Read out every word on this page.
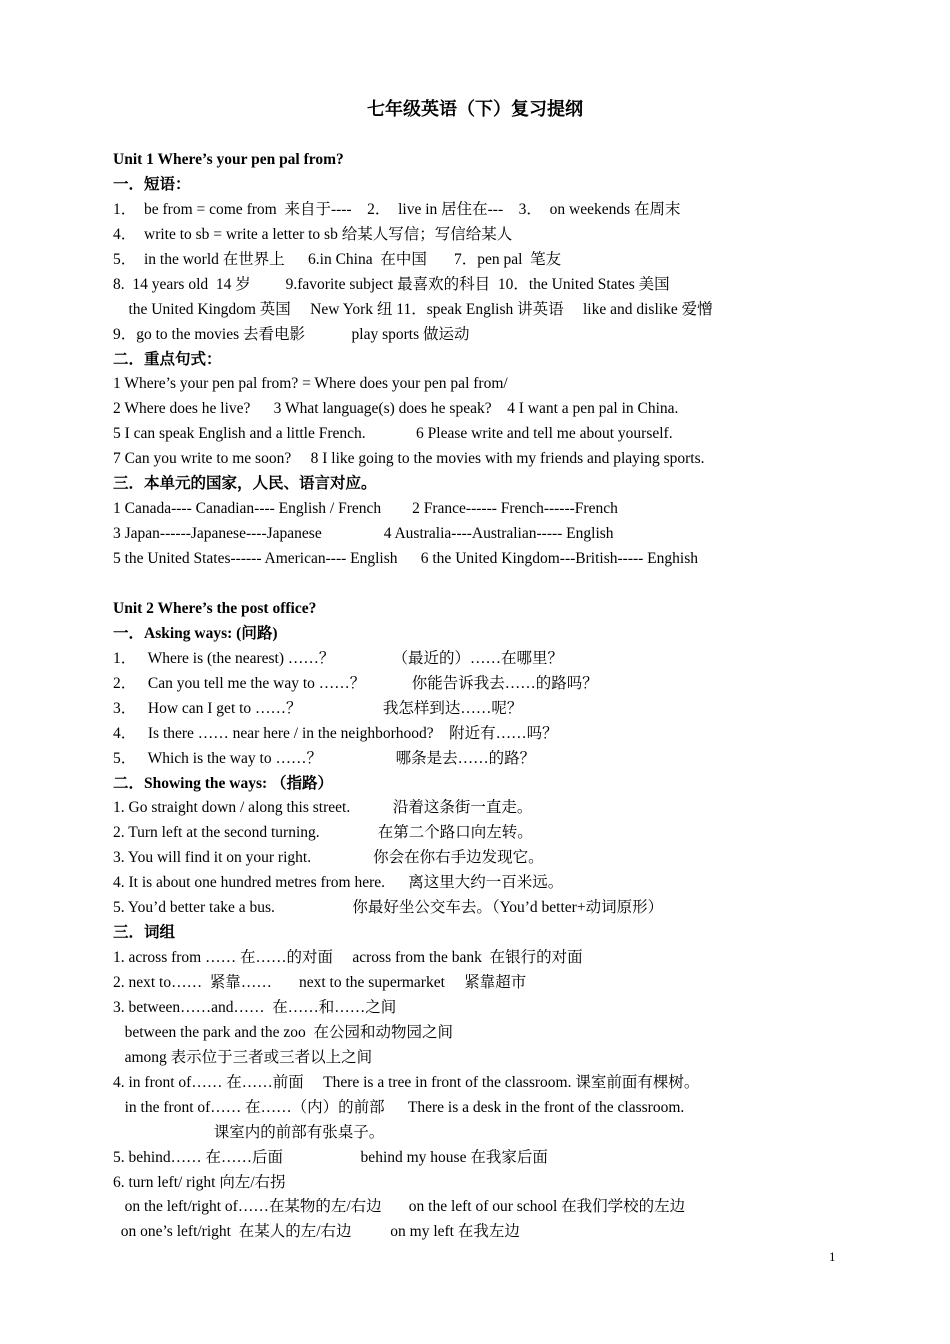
七年级英语（下）复习提纲
Unit 1 Where’s your pen pal from?
一．短语：
1．  be from = come from  来自于----    2．  live in 居住在---    3．  on weekends 在周末
4．  write to sb = write a letter to sb 给某人写信；写信给某人
5．  in the world 在世界上      6.in China  在中国       7．pen pal  笔友
8.  14 years old  14 岁         9.favorite subject 最喜欢的科目  10．the United States 美国
the United Kingdom 英国     New York 纽 11．speak English 讲英语     like and dislike 爱憎
9．go to the movies 去看电影            play sports 做运动
二．重点句式：
1 Where’s your pen pal from? = Where does your pen pal from/
2 Where does he live?      3 What language(s) does he speak?    4 I want a pen pal in China.
5 I can speak English and a little French.             6 Please write and tell me about yourself.
7 Can you write to me soon?     8 I like going to the movies with my friends and playing sports.
三．本单元的国家，人民、语言对应。
1 Canada---- Canadian---- English / French        2 France------ French------French
3 Japan------Japanese----Japanese                4 Australia----Australian----- English
5 the United States------ American---- English      6 the United Kingdom---British----- Enghish
Unit 2 Where’s the post office?
一．Asking ways: (问路)
1．   Where is (the nearest) ……？               （最近的）……在哪里？
2．   Can you tell me the way to ……？            你能告诉我去……的路吗？
3．   How can I get to ……？                     我怎样到达……呢？
4．   Is there …… near here / in the neighborhood?    附近有……吗？
5．   Which is the way to ……？                   哪条是去……的路？
二．Showing the ways: （指路）
1. Go straight down / along this street.           沿着这条街一直走。
2. Turn left at the second turning.               在第二个路口向左转。
3. You will find it on your right.                你会在你右手边发现它。
4. It is about one hundred metres from here.      离这里大约一百米远。
5. You’d better take a bus.                    你最好坐公交车去。（You’d better+动词原形）
三．词组
1. across from …… 在……的对面     across from the bank  在银行的对面
2. next to……  紧靠……       next to the supermarket     紧靠超市
3. between……and……  在……和……之间
between the park and the zoo  在公园和动物园之间
among 表示位于三者或三者以上之间
4. in front of…… 在……前面     There is a tree in front of the classroom. 课室前面有棵树。
in the front of…… 在……（内）的前部      There is a desk in the front of the classroom.
课室内的前部有张桌子。
5. behind…… 在……后面                    behind my house 在我家后面
6. turn left/ right 向左/右拐
on the left/right of……在某物的左/右边       on the left of our school 在我们学校的左边
on one’s left/right  在某人的左/右边          on my left 在我左边
1
